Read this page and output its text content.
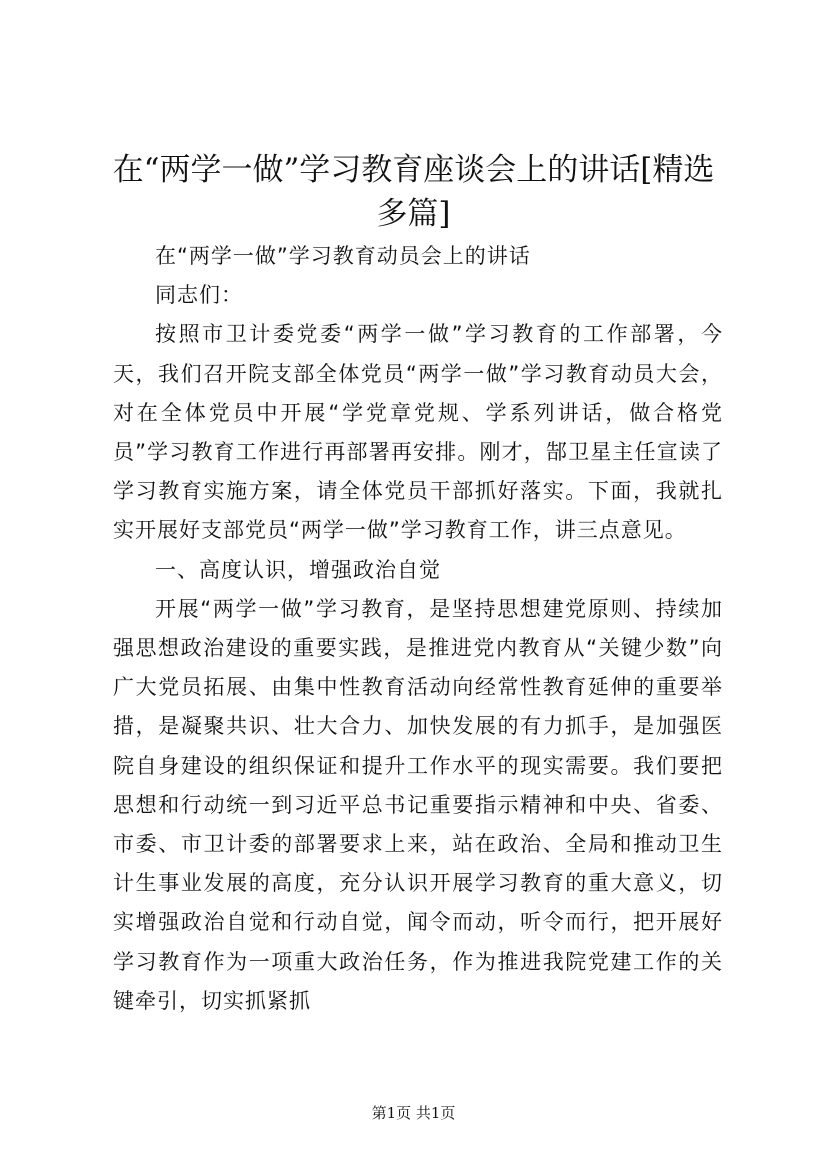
在“两学一做”学习教育座谈会上的讲话[精选多篇]

在“两学一做”学习教育动员会上的讲话

同志们：

按照市卫计委党委“两学一做”学习教育的工作部署，今天，我们召开院支部全体党员“两学一做”学习教育动员大会，对在全体党员中开展“学党章党规、学系列讲话，做合格党员”学习教育工作进行再部署再安排。刚才，郜卫星主任宣读了学习教育实施方案，请全体党员干部抓好落实。下面，我就扎实开展好支部党员“两学一做”学习教育工作，讲三点意见。

一、高度认识，增强政治自觉

开展“两学一做”学习教育，是坚持思想建党原则、持续加强思想政治建设的重要实践，是推进党内教育从“关键少数”向广大党员拓展、由集中性教育活动向经常性教育延伸的重要举措，是凝聚共识、壮大合力、加快发展的有力抓手，是加强医院自身建设的组织保证和提升工作水平的现实需要。我们要把思想和行动统一到习近平总书记重要指示精神和中央、省委、市委、市卫计委的部署要求上来，站在政治、全局和推动卫生计生事业发展的高度，充分认识开展学习教育的重大意义，切实增强政治自觉和行动自觉，闻令而动，听令而行，把开展好学习教育作为一项重大政治任务，作为推进我院党建工作的关键牵引，切实抓紧抓

第1页 共1页
